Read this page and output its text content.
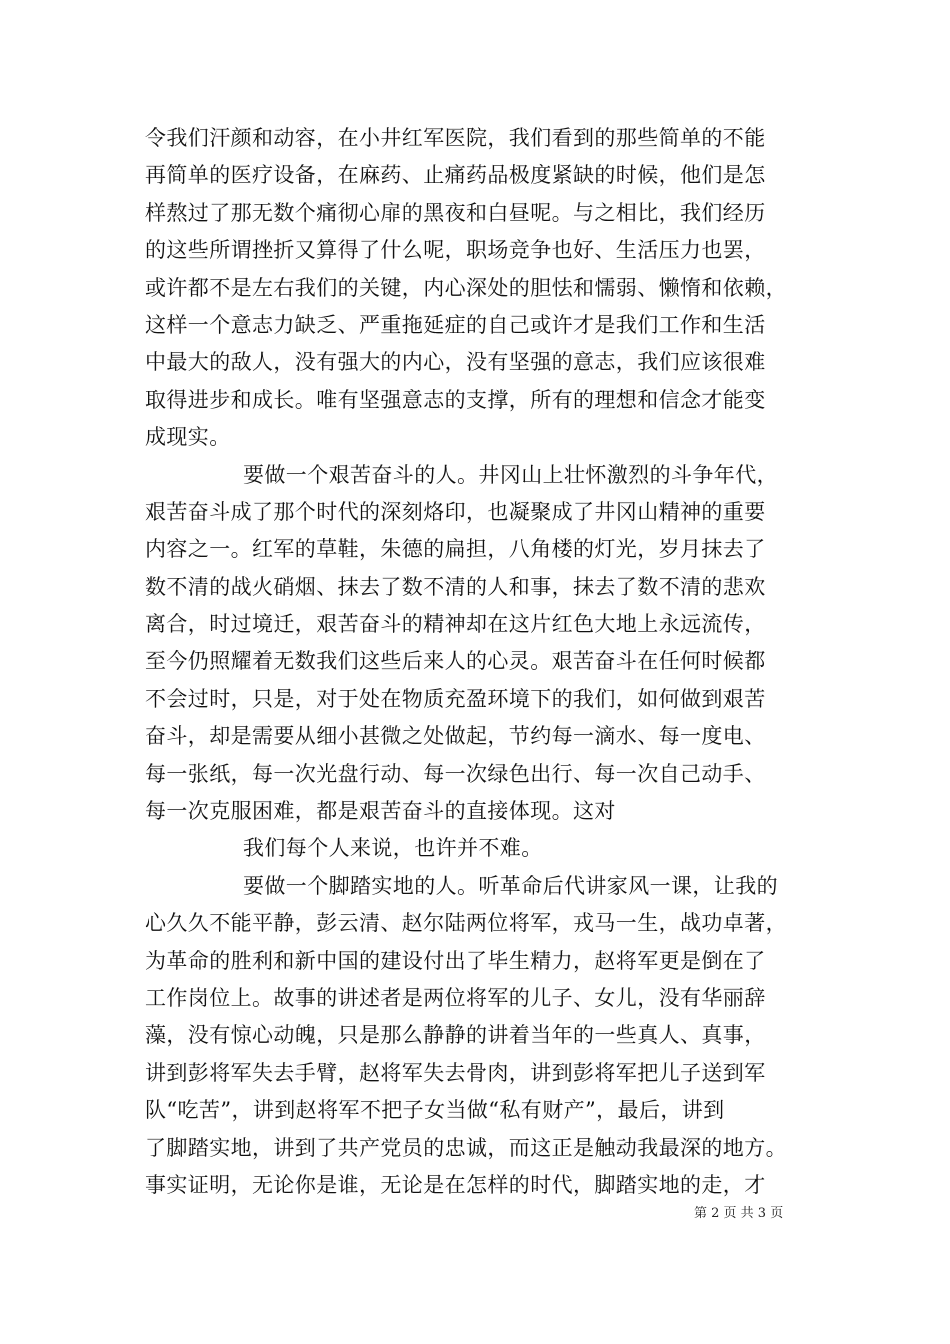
令我们汗颜和动容，在小井红军医院，我们看到的那些简单的不能
再简单的医疗设备，在麻药、止痛药品极度紧缺的时候，他们是怎
样熬过了那无数个痛彻心扉的黑夜和白昼呢。与之相比，我们经历
的这些所谓挫折又算得了什么呢，职场竞争也好、生活压力也罢，
或许都不是左右我们的关键，内心深处的胆怯和懦弱、懒惰和依赖，
这样一个意志力缺乏、严重拖延症的自己或许才是我们工作和生活
中最大的敌人，没有强大的内心，没有坚强的意志，我们应该很难
取得进步和成长。唯有坚强意志的支撑，所有的理想和信念才能变
成现实。
要做一个艰苦奋斗的人。井冈山上壮怀激烈的斗争年代，
艰苦奋斗成了那个时代的深刻烙印，也凝聚成了井冈山精神的重要
内容之一。红军的草鞋，朱德的扁担，八角楼的灯光，岁月抹去了
数不清的战火硝烟、抹去了数不清的人和事，抹去了数不清的悲欢
离合，时过境迁，艰苦奋斗的精神却在这片红色大地上永远流传，
至今仍照耀着无数我们这些后来人的心灵。艰苦奋斗在任何时候都
不会过时，只是，对于处在物质充盈环境下的我们，如何做到艰苦
奋斗，却是需要从细小甚微之处做起，节约每一滴水、每一度电、
每一张纸，每一次光盘行动、每一次绿色出行、每一次自己动手、
每一次克服困难，都是艰苦奋斗的直接体现。这对
我们每个人来说，也许并不难。
要做一个脚踏实地的人。听革命后代讲家风一课，让我的
心久久不能平静，彭云清、赵尔陆两位将军，戎马一生，战功卓著，
为革命的胜利和新中国的建设付出了毕生精力，赵将军更是倒在了
工作岗位上。故事的讲述者是两位将军的儿子、女儿，没有华丽辞
藻，没有惊心动魄，只是那么静静的讲着当年的一些真人、真事，
讲到彭将军失去手臂，赵将军失去骨肉，讲到彭将军把儿子送到军
队“吃苦”，讲到赵将军不把子女当做“私有财产”，最后，讲到
了脚踏实地，讲到了共产党员的忠诚，而这正是触动我最深的地方。
事实证明，无论你是谁，无论是在怎样的时代，脚踏实地的走，才
第 2 页 共 3 页
